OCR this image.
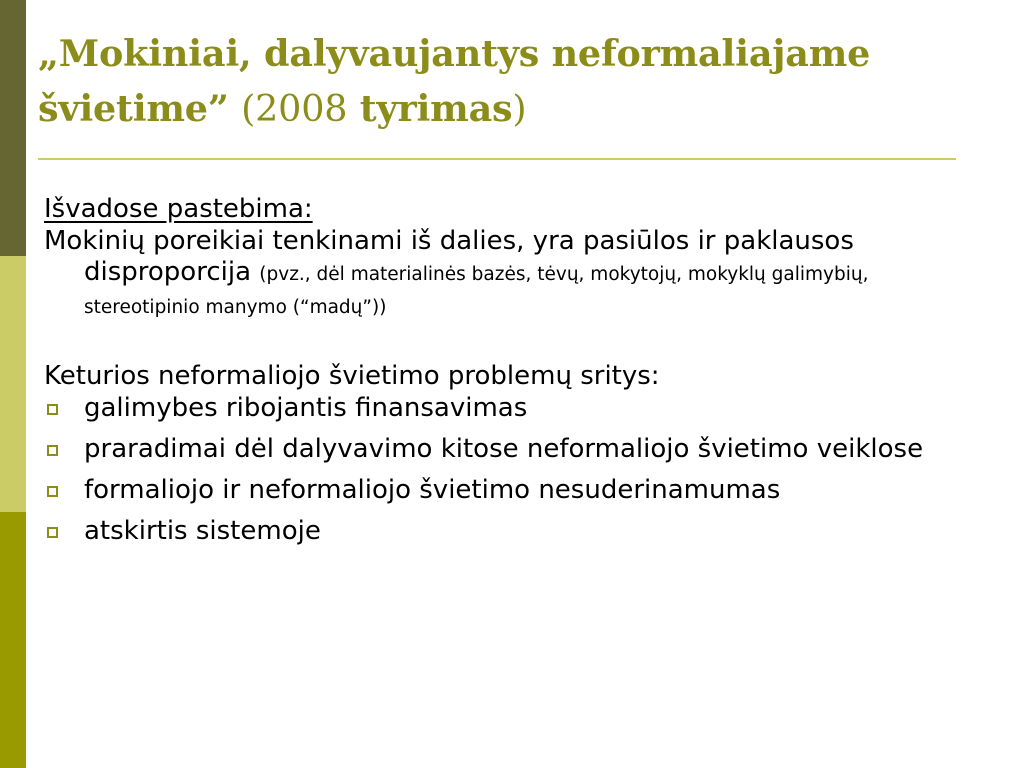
„Mokiniai, dalyvaujantys neformaliajame švietime” (2008 tyrimas)

Išvadose pastebima:

Mokinių poreikiai tenkinami iš dalies, yra pasiūlos ir paklausos disproporcija (pvz., dėl materialinės bazės, tėvų, mokytojų, mokyklų galimybių, stereotipinio manymo (“madų”))

Keturios neformaliojo švietimo problemų sritys:

galimybes ribojantis finansavimas
praradimai dėl dalyvavimo kitose neformaliojo švietimo veiklose
formaliojo ir neformaliojo švietimo nesuderinamumas
atskirtis sistemoje
